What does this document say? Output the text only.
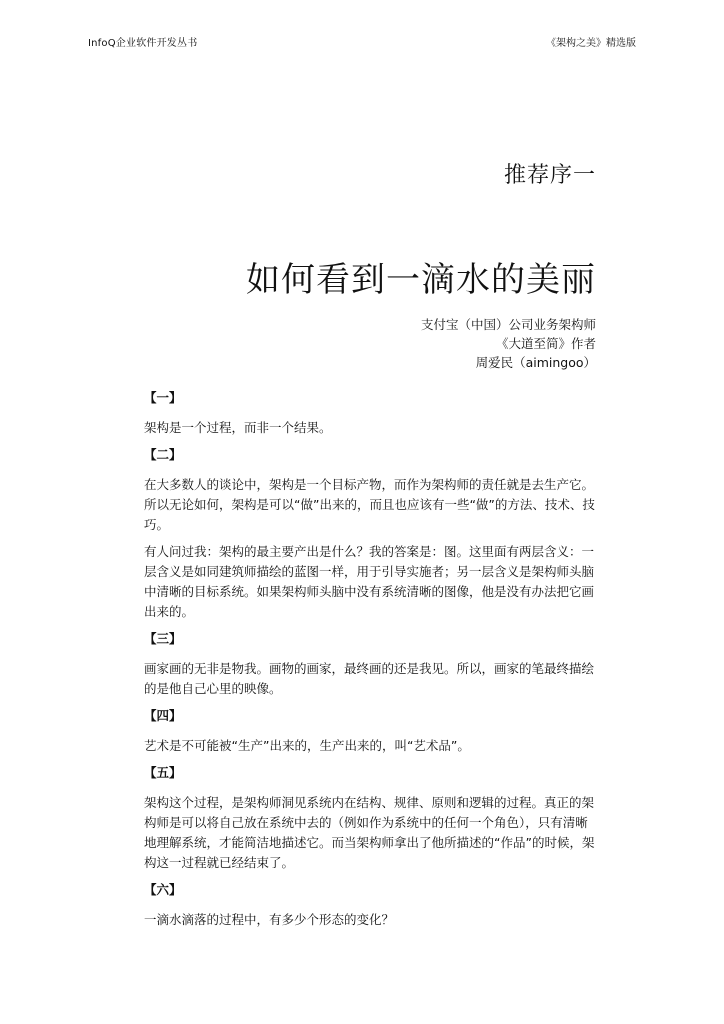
InfoQ企业软件开发丛书	《架构之美》精选版
推荐序一
如何看到一滴水的美丽
支付宝（中国）公司业务架构师
《大道至简》作者
周爱民（aimingoo）
【一】

架构是一个过程，而非一个结果。

【二】

在大多数人的谈论中，架构是一个目标产物，而作为架构师的责任就是去生产它。所以无论如何，架构是可以“做”出来的，而且也应该有一些“做”的方法、技术、技巧。

有人问过我：架构的最主要产出是什么？我的答案是：图。这里面有两层含义：一层含义是如同建筑师描绘的蓝图一样，用于引导实施者；另一层含义是架构师头脑中清晰的目标系统。如果架构师头脑中没有系统清晰的图像，他是没有办法把它画出来的。

【三】

画家画的无非是物我。画物的画家，最终画的还是我见。所以，画家的笔最终描绘的是他自己心里的映像。

【四】

艺术是不可能被“生产”出来的，生产出来的，叫“艺术品”。

【五】

架构这个过程，是架构师洞见系统内在结构、规律、原则和逻辑的过程。真正的架构师是可以将自己放在系统中去的（例如作为系统中的任何一个角色），只有清晰地理解系统，才能简洁地描述它。而当架构师拿出了他所描述的“作品”的时候，架构这一过程就已经结束了。

【六】

一滴水滴落的过程中，有多少个形态的变化？
